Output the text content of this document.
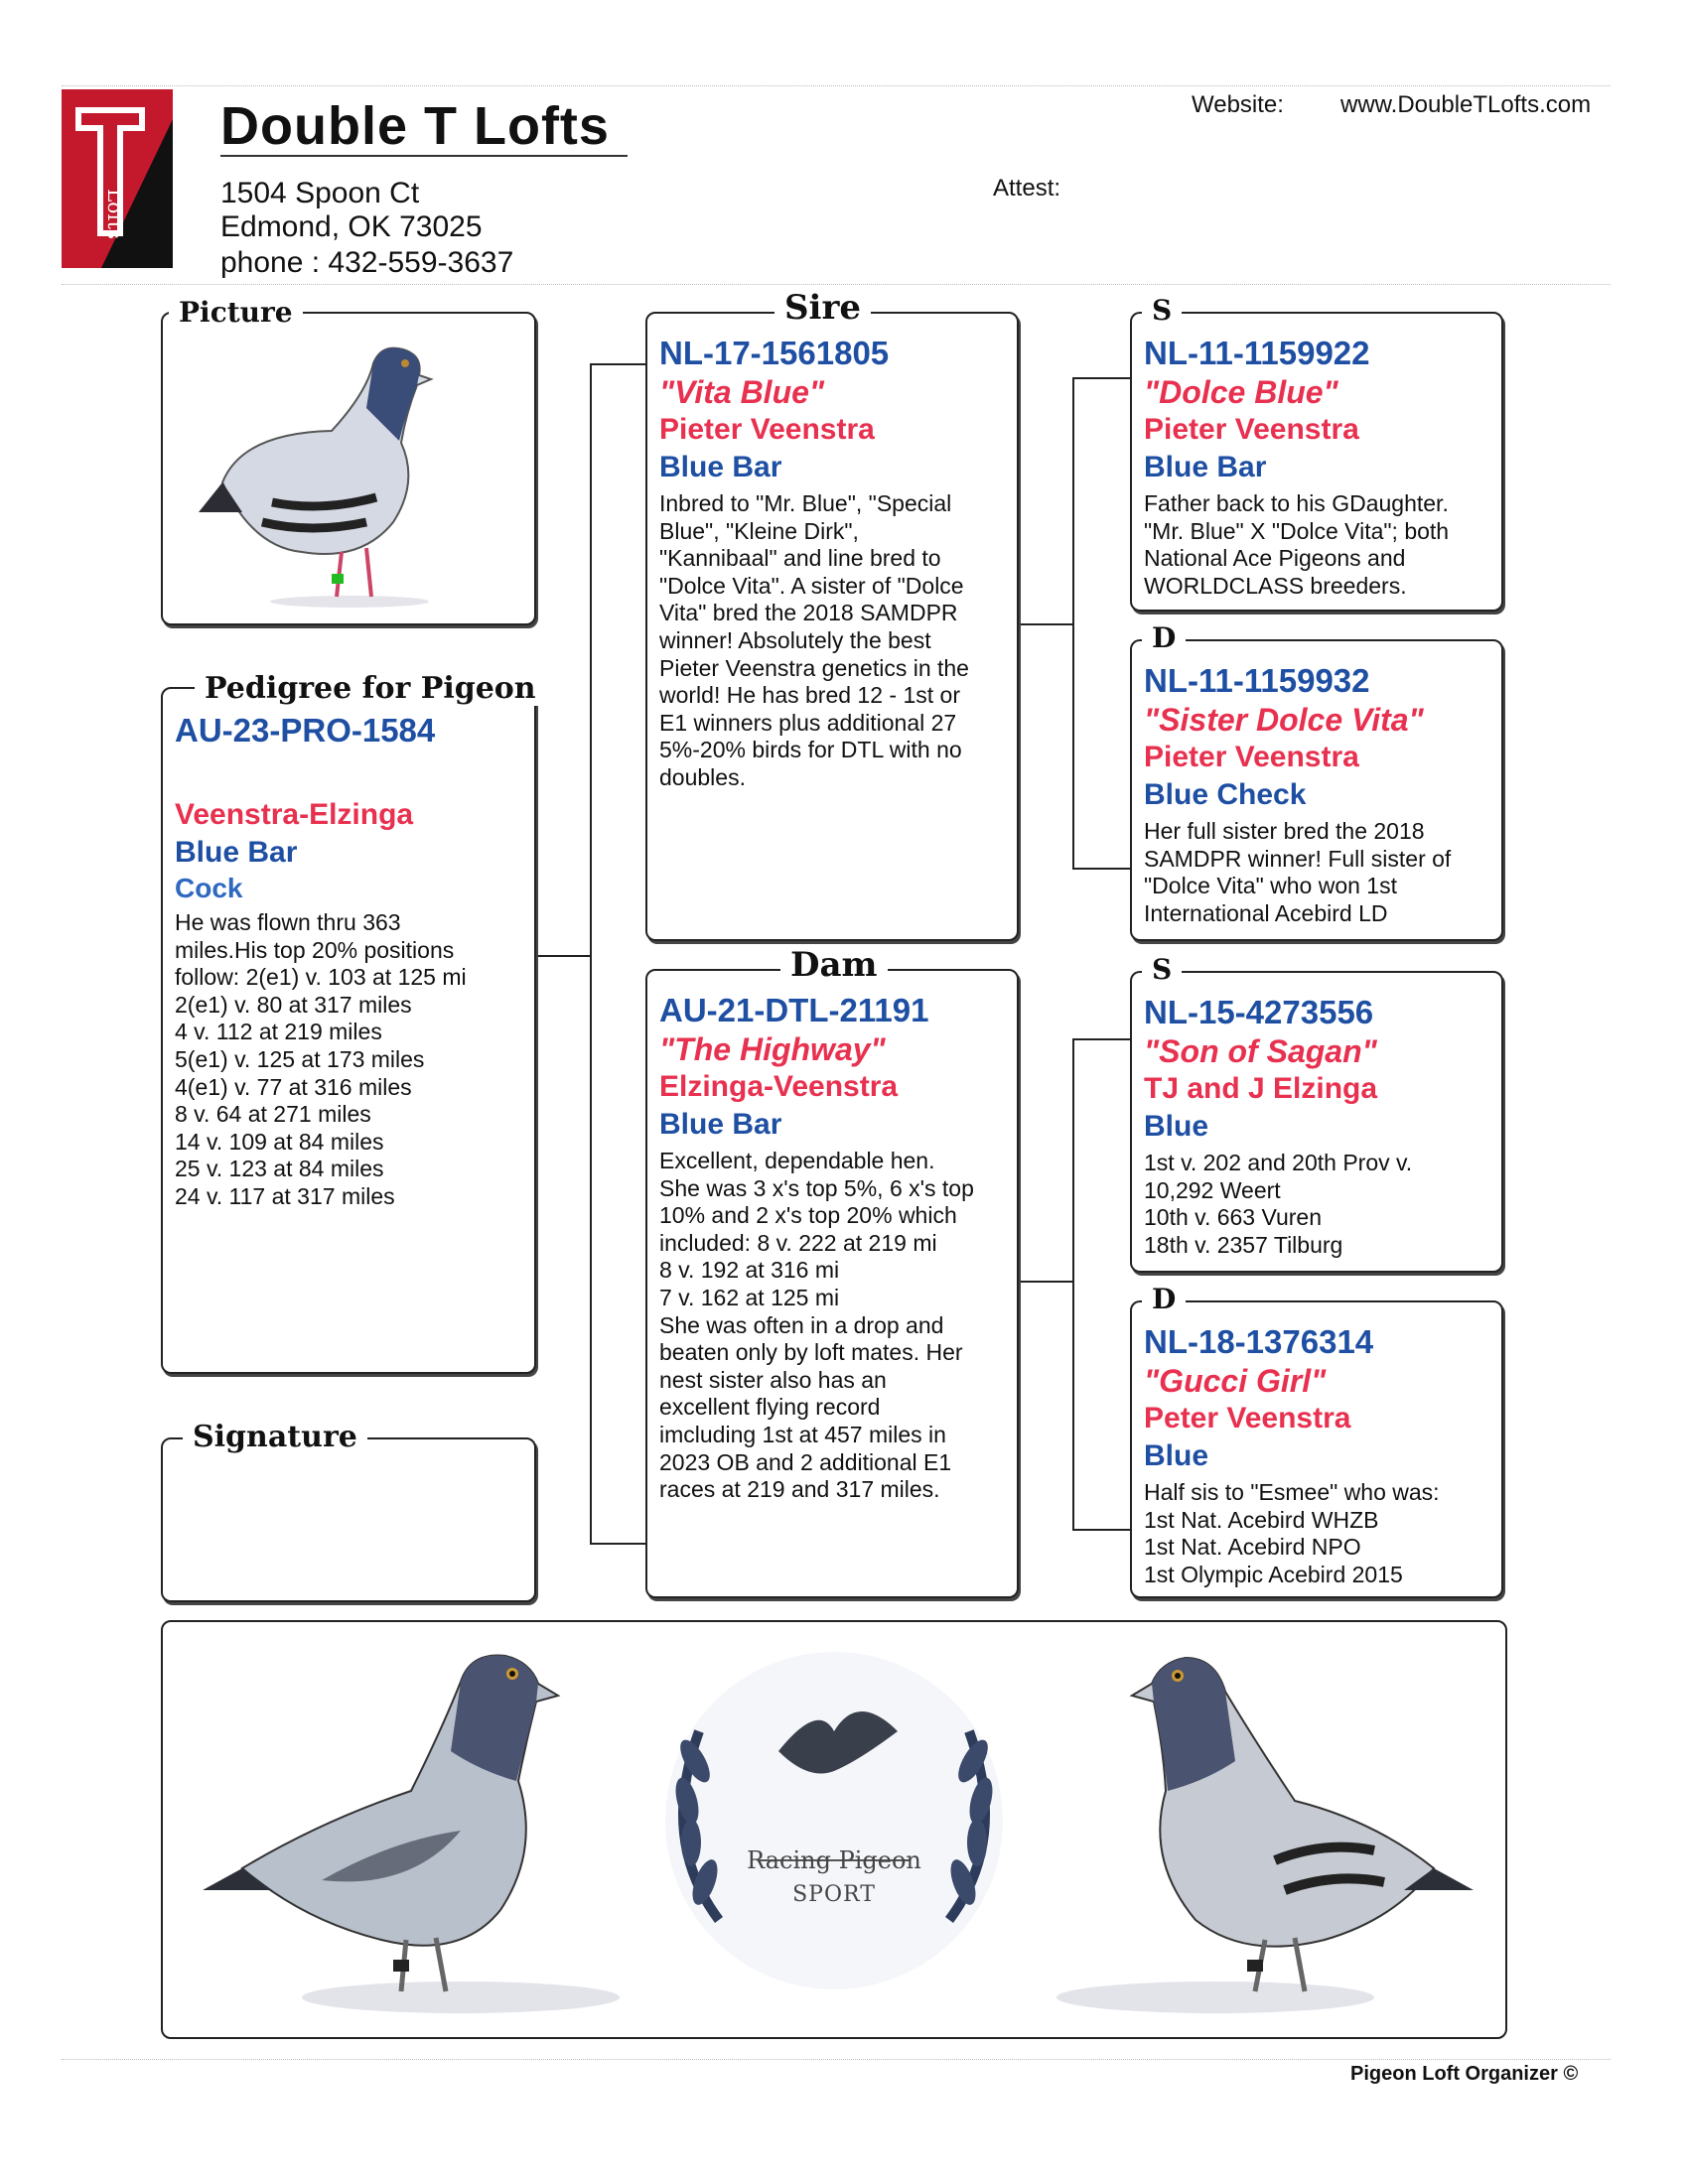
Lofts
Double T Lofts
1504 Spoon Ct
Edmond, OK 73025
phone : 432-559-3637
Website: www.DoubleTLofts.com
Attest:
Picture
AU-23-PRO-1584
Veenstra-Elzinga
Blue Bar
Cock
He was flown thru 363
miles.His top 20% positions
follow: 2(e1) v. 103 at 125 mi
2(e1) v. 80 at 317 miles
4 v. 112 at 219 miles
5(e1) v. 125 at 173 miles
4(e1) v. 77 at 316 miles
8 v. 64 at 271 miles
14 v. 109 at 84 miles
25 v. 123 at 84 miles
24 v. 117 at 317 miles
Pedigree for Pigeon
Signature
NL-17-1561805
"Vita Blue"
Pieter Veenstra
Blue Bar
Inbred to "Mr. Blue", "Special
Blue", "Kleine Dirk",
"Kannibaal" and line bred to
"Dolce Vita". A sister of "Dolce
Vita" bred the 2018 SAMDPR
winner! Absolutely the best
Pieter Veenstra genetics in the
world! He has bred 12 - 1st or
E1 winners plus additional 27
5%-20% birds for DTL with no
doubles.
Sire
AU-21-DTL-21191
"The Highway"
Elzinga-Veenstra
Blue Bar
Excellent, dependable hen.
She was 3 x's top 5%, 6 x's top
10% and 2 x's top 20% which
included: 8 v. 222 at 219 mi
8 v. 192 at 316 mi
7 v. 162 at 125 mi
She was often in a drop and
beaten only by loft mates. Her
nest sister also has an
excellent flying record
imcluding 1st at 457 miles in
2023 OB and 2 additional E1
races at 219 and 317 miles.
Dam
NL-11-1159922
"Dolce Blue"
Pieter Veenstra
Blue Bar
Father back to his GDaughter.
"Mr. Blue" X "Dolce Vita"; both
National Ace Pigeons and
WORLDCLASS breeders.
S
NL-11-1159932
"Sister Dolce Vita"
Pieter Veenstra
Blue Check
Her full sister bred the 2018
SAMDPR winner! Full sister of
"Dolce Vita" who won 1st
International Acebird LD
D
NL-15-4273556
"Son of Sagan"
TJ and J Elzinga
Blue
1st v. 202 and 20th Prov v.
10,292 Weert
10th v. 663 Vuren
18th v. 2357 Tilburg
S
NL-18-1376314
"Gucci Girl"
Peter Veenstra
Blue
Half sis to "Esmee" who was:
1st Nat. Acebird WHZB
1st Nat. Acebird NPO
1st Olympic Acebird 2015
D
Racing Pigeon
SPORT
Pigeon Loft Organizer ©
